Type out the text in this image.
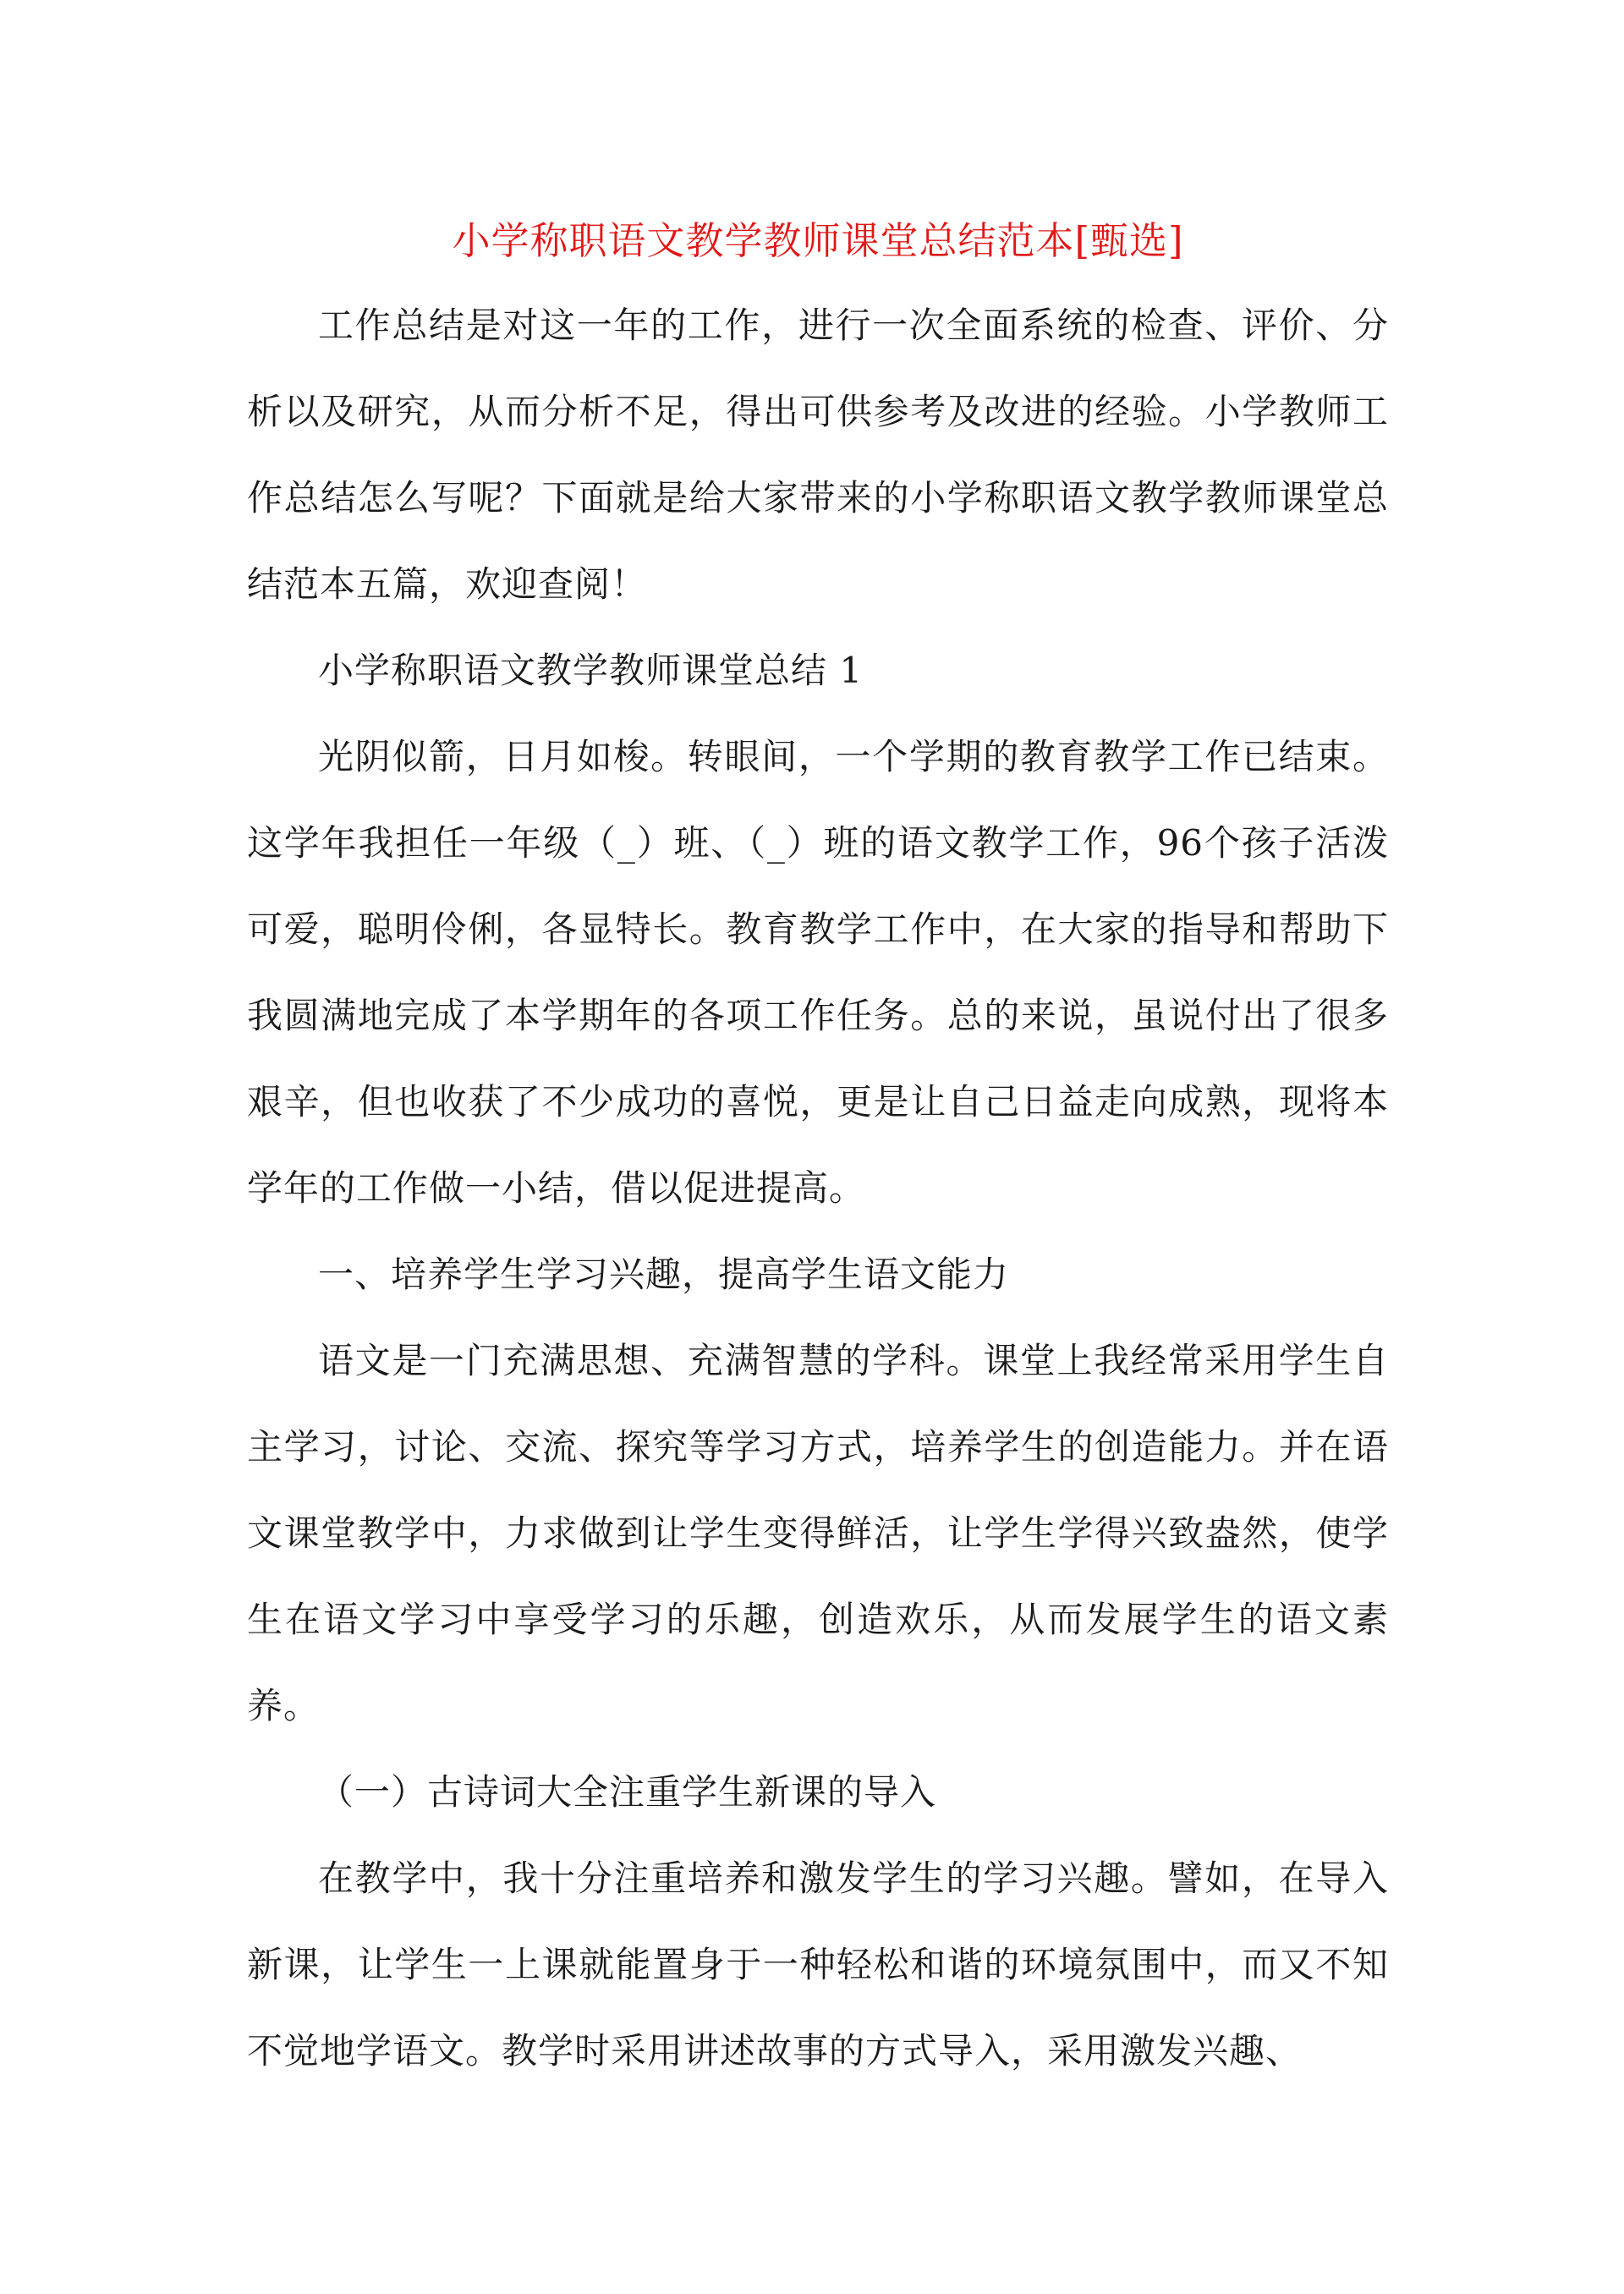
小学称职语文教学教师课堂总结范本[甄选]

工作总结是对这一年的工作，进行一次全面系统的检查、评价、分析以及研究，从而分析不足，得出可供参考及改进的经验。小学教师工作总结怎么写呢？下面就是给大家带来的小学称职语文教学教师课堂总结范本五篇，欢迎查阅！

小学称职语文教学教师课堂总结 1

光阴似箭，日月如梭。转眼间，一个学期的教育教学工作已结束。这学年我担任一年级（_）班、（_）班的语文教学工作，96个孩子活泼可爱，聪明伶俐，各显特长。教育教学工作中，在大家的指导和帮助下我圆满地完成了本学期年的各项工作任务。总的来说，虽说付出了很多艰辛，但也收获了不少成功的喜悦，更是让自己日益走向成熟，现将本学年的工作做一小结，借以促进提高。

一、培养学生学习兴趣，提高学生语文能力

语文是一门充满思想、充满智慧的学科。课堂上我经常采用学生自主学习，讨论、交流、探究等学习方式，培养学生的创造能力。并在语文课堂教学中，力求做到让学生变得鲜活，让学生学得兴致盎然，使学生在语文学习中享受学习的乐趣，创造欢乐，从而发展学生的语文素养。

（一）古诗词大全注重学生新课的导入

在教学中，我十分注重培养和激发学生的学习兴趣。譬如，在导入新课，让学生一上课就能置身于一种轻松和谐的环境氛围中，而又不知不觉地学语文。教学时采用讲述故事的方式导入，采用激发兴趣、
